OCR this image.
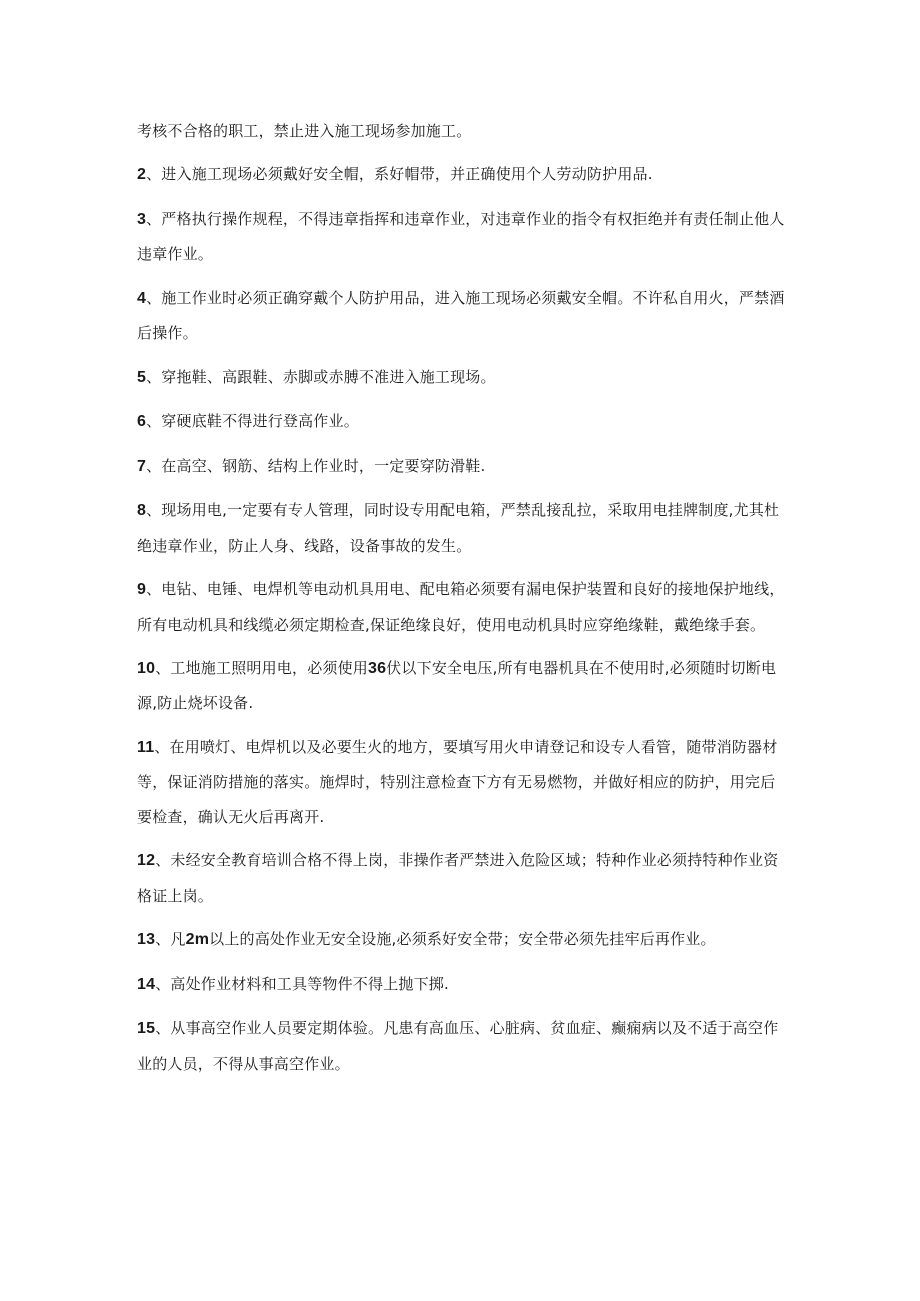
考核不合格的职工，禁止进入施工现场参加施工。

2、进入施工现场必须戴好安全帽，系好帽带，并正确使用个人劳动防护用品.

3、严格执行操作规程，不得违章指挥和违章作业，对违章作业的指令有权拒绝并有责任制止他人违章作业。

4、施工作业时必须正确穿戴个人防护用品，进入施工现场必须戴安全帽。不许私自用火，严禁酒后操作。

5、穿拖鞋、高跟鞋、赤脚或赤膊不准进入施工现场。

6、穿硬底鞋不得进行登高作业。

7、在高空、钢筋、结构上作业时，一定要穿防滑鞋.

8、现场用电,一定要有专人管理，同时设专用配电箱，严禁乱接乱拉，采取用电挂牌制度,尤其杜绝违章作业，防止人身、线路，设备事故的发生。

9、电钻、电锤、电焊机等电动机具用电、配电箱必须要有漏电保护装置和良好的接地保护地线，所有电动机具和线缆必须定期检查,保证绝缘良好，使用电动机具时应穿绝缘鞋，戴绝缘手套。

10、工地施工照明用电，必须使用36伏以下安全电压,所有电器机具在不使用时,必须随时切断电源,防止烧坏设备.

11、在用喷灯、电焊机以及必要生火的地方，要填写用火申请登记和设专人看管，随带消防器材等，保证消防措施的落实。施焊时，特别注意检查下方有无易燃物，并做好相应的防护，用完后要检查，确认无火后再离开.

12、未经安全教育培训合格不得上岗，非操作者严禁进入危险区域；特种作业必须持特种作业资格证上岗。

13、凡2m以上的高处作业无安全设施,必须系好安全带；安全带必须先挂牢后再作业。

14、高处作业材料和工具等物件不得上抛下掷.

15、从事高空作业人员要定期体验。凡患有高血压、心脏病、贫血症、癫痫病以及不适于高空作业的人员，不得从事高空作业。
